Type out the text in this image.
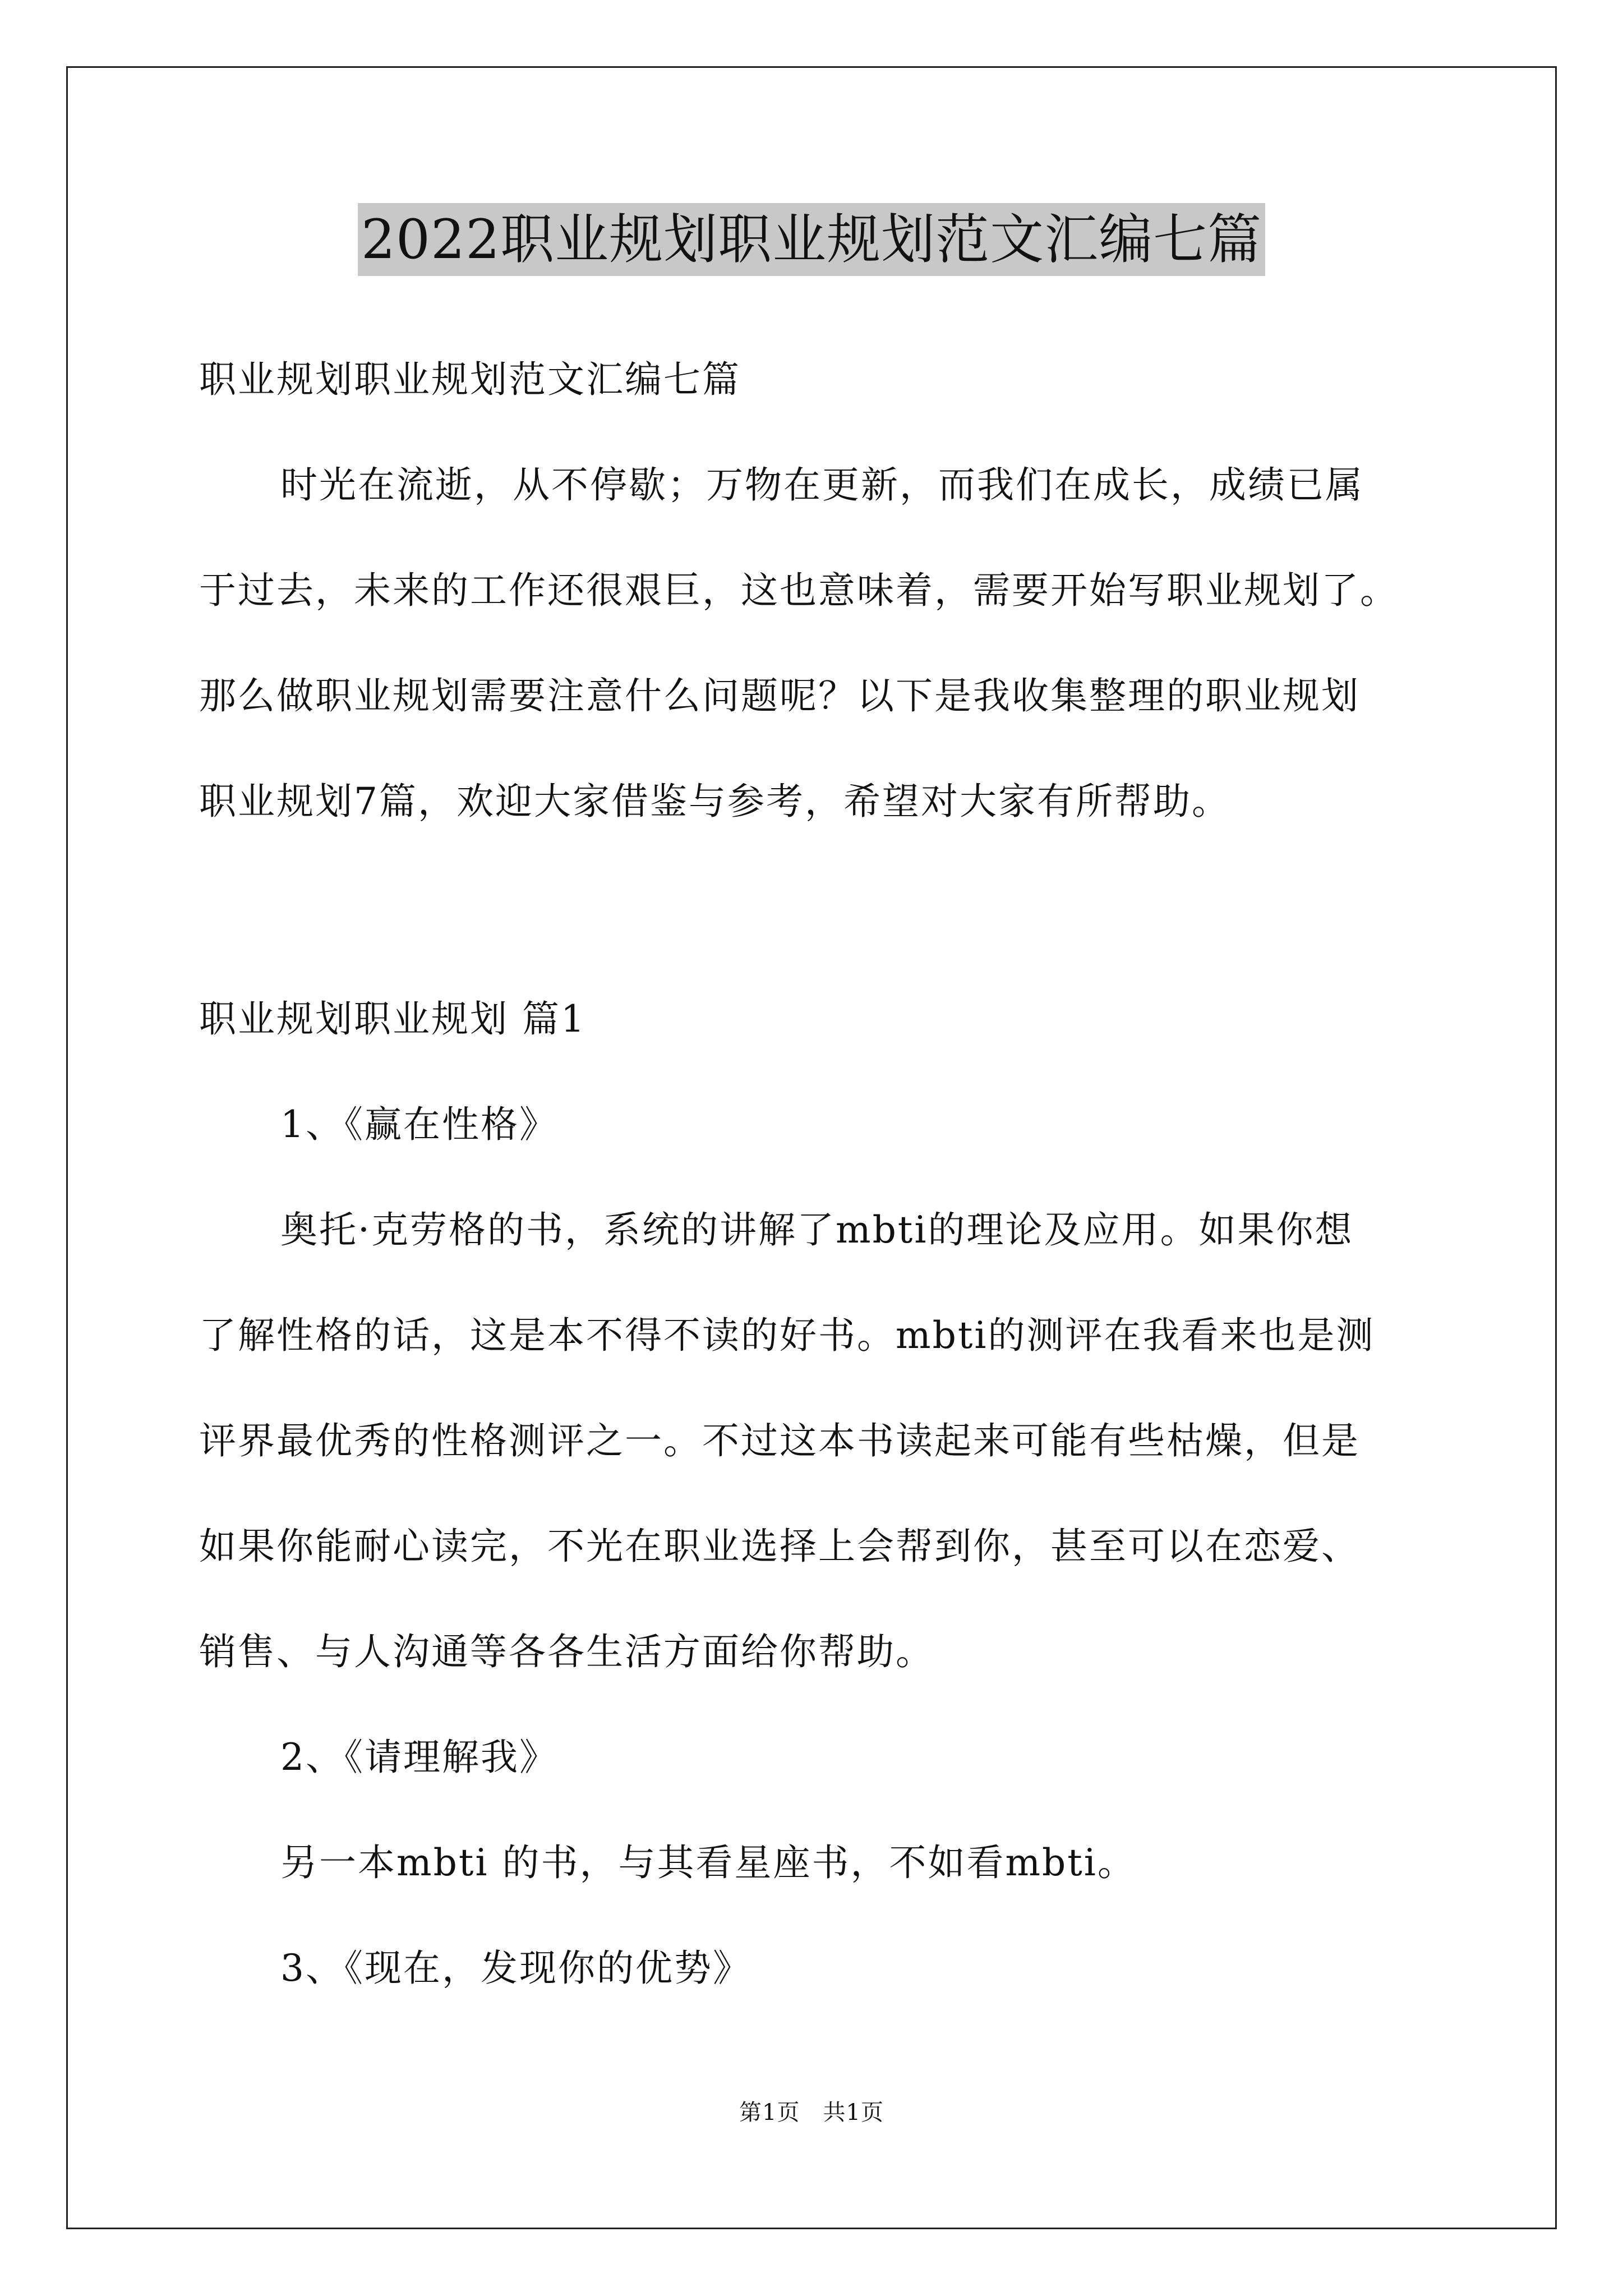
2022职业规划职业规划范文汇编七篇
职业规划职业规划范文汇编七篇
时光在流逝，从不停歇；万物在更新，而我们在成长，成绩已属
于过去，未来的工作还很艰巨，这也意味着，需要开始写职业规划了。
那么做职业规划需要注意什么问题呢？以下是我收集整理的职业规划
职业规划7篇，欢迎大家借鉴与参考，希望对大家有所帮助。
职业规划职业规划 篇1
1、《赢在性格》
奥托·克劳格的书，系统的讲解了mbti的理论及应用。如果你想
了解性格的话，这是本不得不读的好书。mbti的测评在我看来也是测
评界最优秀的性格测评之一。不过这本书读起来可能有些枯燥，但是
如果你能耐心读完，不光在职业选择上会帮到你，甚至可以在恋爱、
销售、与人沟通等各各生活方面给你帮助。
2、《请理解我》
另一本mbti 的书，与其看星座书，不如看mbti。
3、《现在，发现你的优势》
第1页　共1页
